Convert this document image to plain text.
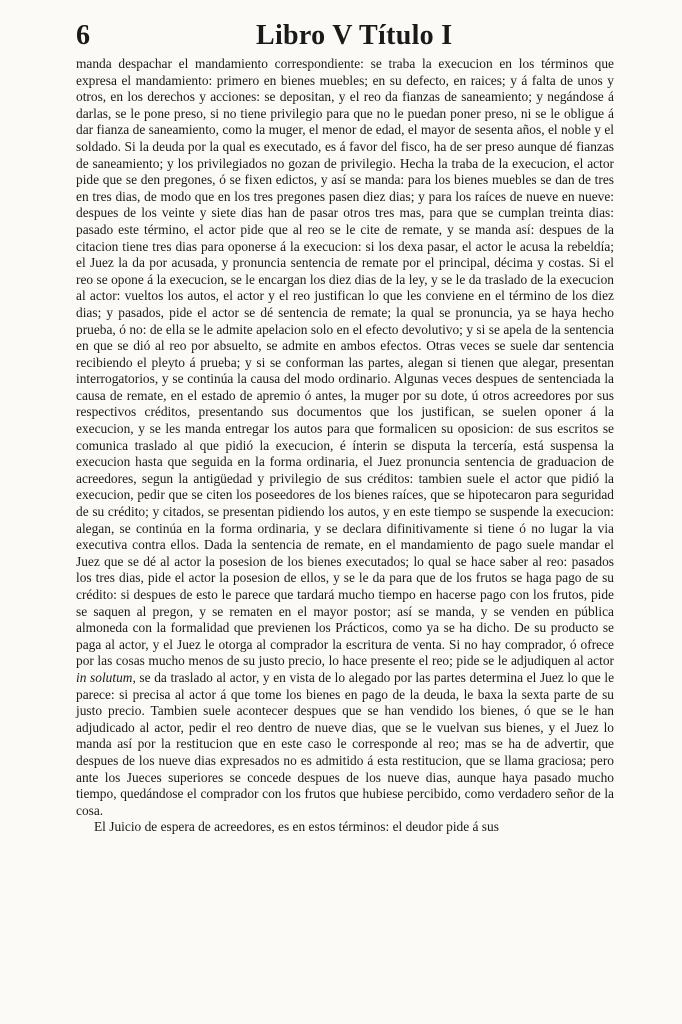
6	Libro V Título I

manda despachar el mandamiento correspondiente: se traba la execucion en los términos que expresa el mandamiento: primero en bienes muebles; en su defecto, en raices; y á falta de unos y otros, en los derechos y acciones: se depositan, y el reo da fianzas de saneamiento; y negándose á darlas, se le pone preso, si no tiene privilegio para que no le puedan poner preso, ni se le obligue á dar fianza de saneamiento, como la muger, el menor de edad, el mayor de sesenta años, el noble y el soldado. Si la deuda por la qual es executado, es á favor del fisco, ha de ser preso aunque dé fianzas de saneamiento; y los privilegiados no gozan de privilegio. Hecha la traba de la execucion, el actor pide que se den pregones, ó se fixen edictos, y así se manda: para los bienes muebles se dan de tres en tres dias, de modo que en los tres pregones pasen diez dias; y para los raíces de nueve en nueve: despues de los veinte y siete dias han de pasar otros tres mas, para que se cumplan treinta dias: pasado este término, el actor pide que al reo se le cite de remate, y se manda así: despues de la citacion tiene tres dias para oponerse á la execucion: si los dexa pasar, el actor le acusa la rebeldía; el Juez la da por acusada, y pronuncia sentencia de remate por el principal, décima y costas. Si el reo se opone á la execucion, se le encargan los diez dias de la ley, y se le da traslado de la execucion al actor: vueltos los autos, el actor y el reo justifican lo que les conviene en el término de los diez dias; y pasados, pide el actor se dé sentencia de remate; la qual se pronuncia, ya se haya hecho prueba, ó no: de ella se le admite apelacion solo en el efecto devolutivo; y si se apela de la sentencia en que se dió al reo por absuelto, se admite en ambos efectos. Otras veces se suele dar sentencia recibiendo el pleyto á prueba; y si se conforman las partes, alegan si tienen que alegar, presentan interrogatorios, y se continúa la causa del modo ordinario. Algunas veces despues de sentenciada la causa de remate, en el estado de apremio ó antes, la muger por su dote, ú otros acreedores por sus respectivos créditos, presentando sus documentos que los justifican, se suelen oponer á la execucion, y se les manda entregar los autos para que formalicen su oposicion: de sus escritos se comunica traslado al que pidió la execucion, é ínterin se disputa la tercería, está suspensa la execucion hasta que seguida en la forma ordinaria, el Juez pronuncia sentencia de graduacion de acreedores, segun la antigüedad y privilegio de sus créditos: tambien suele el actor que pidió la execucion, pedir que se citen los poseedores de los bienes raíces, que se hipotecaron para seguridad de su crédito; y citados, se presentan pidiendo los autos, y en este tiempo se suspende la execucion: alegan, se continúa en la forma ordinaria, y se declara difinitivamente si tiene ó no lugar la via executiva contra ellos. Dada la sentencia de remate, en el mandamiento de pago suele mandar el Juez que se dé al actor la posesion de los bienes executados; lo qual se hace saber al reo: pasados los tres dias, pide el actor la posesion de ellos, y se le da para que de los frutos se haga pago de su crédito: si despues de esto le parece que tardará mucho tiempo en hacerse pago con los frutos, pide se saquen al pregon, y se rematen en el mayor postor; así se manda, y se venden en pública almoneda con la formalidad que previenen los Prácticos, como ya se ha dicho. De su producto se paga al actor, y el Juez le otorga al comprador la escritura de venta. Si no hay comprador, ó ofrece por las cosas mucho menos de su justo precio, lo hace presente el reo; pide se le adjudiquen al actor in solutum, se da traslado al actor, y en vista de lo alegado por las partes determina el Juez lo que le parece: si precisa al actor á que tome los bienes en pago de la deuda, le baxa la sexta parte de su justo precio. Tambien suele acontecer despues que se han vendido los bienes, ó que se le han adjudicado al actor, pedir el reo dentro de nueve dias, que se le vuelvan sus bienes, y el Juez lo manda así por la restitucion que en este caso le corresponde al reo; mas se ha de advertir, que despues de los nueve dias expresados no es admitido á esta restitucion, que se llama graciosa; pero ante los Jueces superiores se concede despues de los nueve dias, aunque haya pasado mucho tiempo, quedándose el comprador con los frutos que hubiese percibido, como verdadero señor de la cosa.

El Juicio de espera de acreedores, es en estos términos: el deudor pide á sus
